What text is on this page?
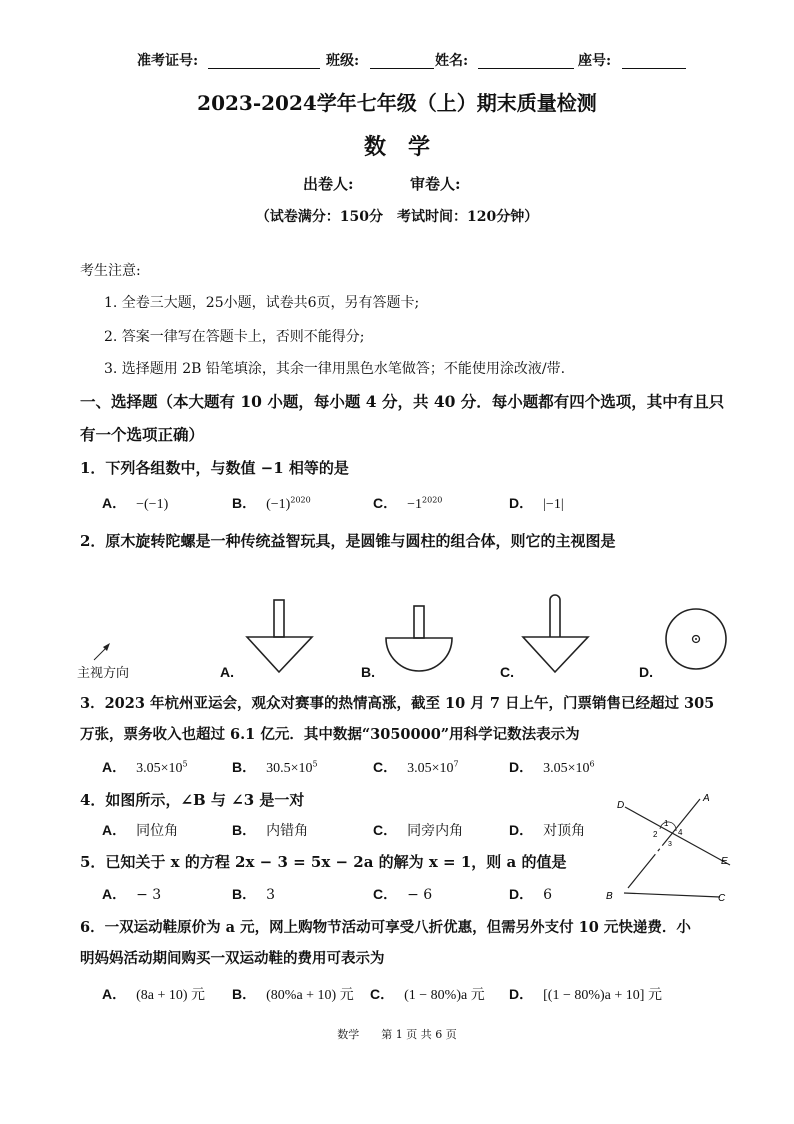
准考证号:	班级:	姓名:	座号:
2023-2024学年七年级（上）期末质量检测
数　学
出卷人:	审卷人:
（试卷满分：150分　考试时间：120分钟）
考生注意:
1. 全卷三大题，25小题，试卷共6页，另有答题卡;
2. 答案一律写在答题卡上，否则不能得分;
3. 选择题用 2B 铅笔填涂，其余一律用黑色水笔做答；不能使用涂改液/带.
一、选择题（本大题有 10 小题，每小题 4 分，共 40 分．每小题都有四个选项，其中有且只
有一个选项正确）
1．下列各组数中，与数值 −1 相等的是
A． −(−1)	B． $(-1)^{2020}$	C． $-1^{2020}$	D． |−1|
2．原木旋转陀螺是一种传统益智玩具，是圆锥与圆柱的组合体，则它的主视图是
主视方向	A.	B.	C.	D.
3．2023 年杭州亚运会，观众对赛事的热情高涨，截至 10 月 7 日上午，门票销售已经超过 305
万张，票务收入也超过 6.1 亿元．其中数据“3050000”用科学记数法表示为
A． $3.05\times 10^5$	B． $30.5\times 10^5$	C． $3.05\times 10^7$	D． $3.05\times 10^6$
4．如图所示，∠B 与 ∠3 是一对
A． 同位角	B． 内错角	C． 同旁内角	D． 对顶角
D
A
1
2	4
3
E
B	C
5．已知关于 x 的方程 2x − 3 = 5x − 2a 的解为 x = 1，则 a 的值是
A． − 3	B． 3	C． − 6	D． 6
6．一双运动鞋原价为 a 元，网上购物节活动可享受八折优惠，但需另外支付 10 元快递费．小
明妈妈活动期间购买一双运动鞋的费用可表示为
A． (8a + 10) 元 B． (80%a + 10) 元 C． (1 − 80%)a 元 D． [(1 − 80%)a + 10] 元
数学　　第 1 页 共 6 页
